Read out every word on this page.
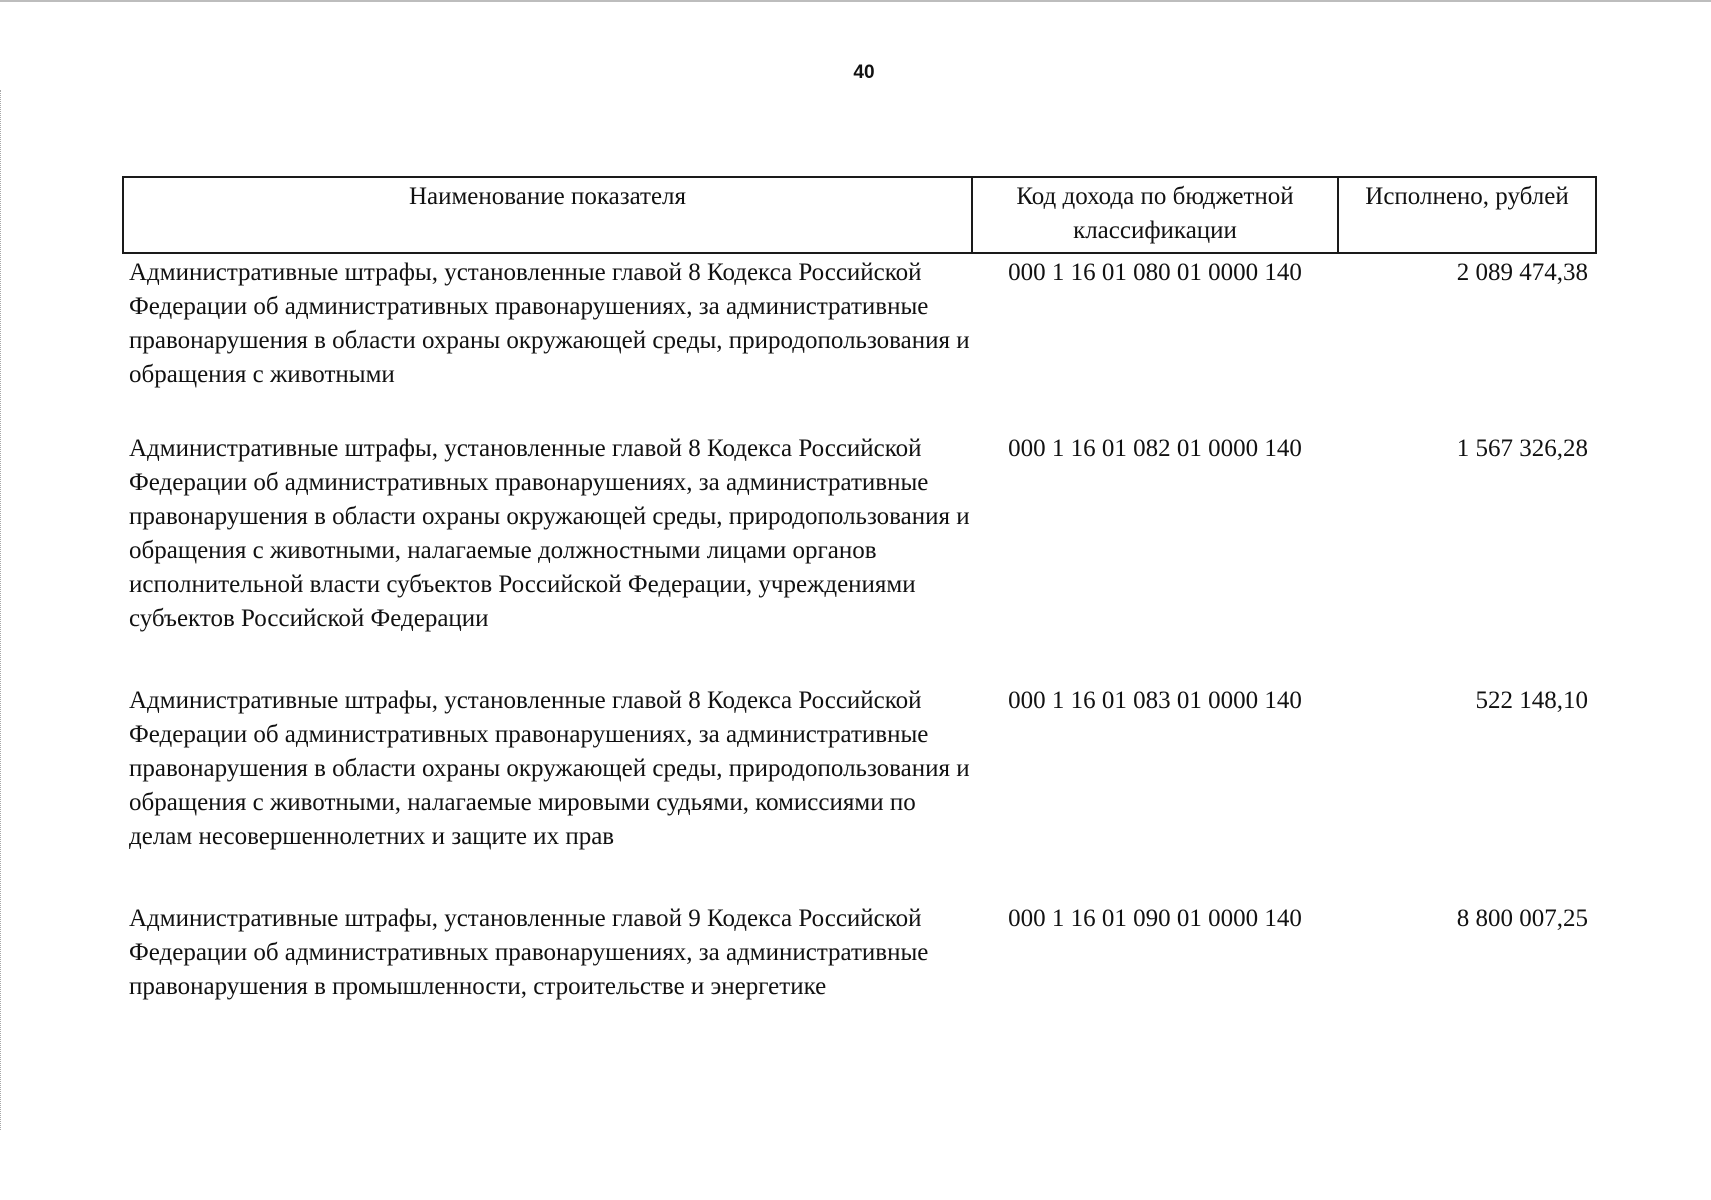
40
Наименование показателя	Код дохода по бюджетной классификации	Исполнено, рублей
Административные штрафы, установленные главой 8 Кодекса Российской Федерации об административных правонарушениях, за административные правонарушения в области охраны окружающей среды, природопользования и обращения с животными	000 1 16 01 080 01 0000 140	2 089 474,38
Административные штрафы, установленные главой 8 Кодекса Российской Федерации об административных правонарушениях, за административные правонарушения в области охраны окружающей среды, природопользования и обращения с животными, налагаемые должностными лицами органов исполнительной власти субъектов Российской Федерации, учреждениями субъектов Российской Федерации	000 1 16 01 082 01 0000 140	1 567 326,28
Административные штрафы, установленные главой 8 Кодекса Российской Федерации об административных правонарушениях, за административные правонарушения в области охраны окружающей среды, природопользования и обращения с животными, налагаемые мировыми судьями, комиссиями по делам несовершеннолетних и защите их прав	000 1 16 01 083 01 0000 140	522 148,10
Административные штрафы, установленные главой 9 Кодекса Российской Федерации об административных правонарушениях, за административные правонарушения в промышленности, строительстве и энергетике	000 1 16 01 090 01 0000 140	8 800 007,25
